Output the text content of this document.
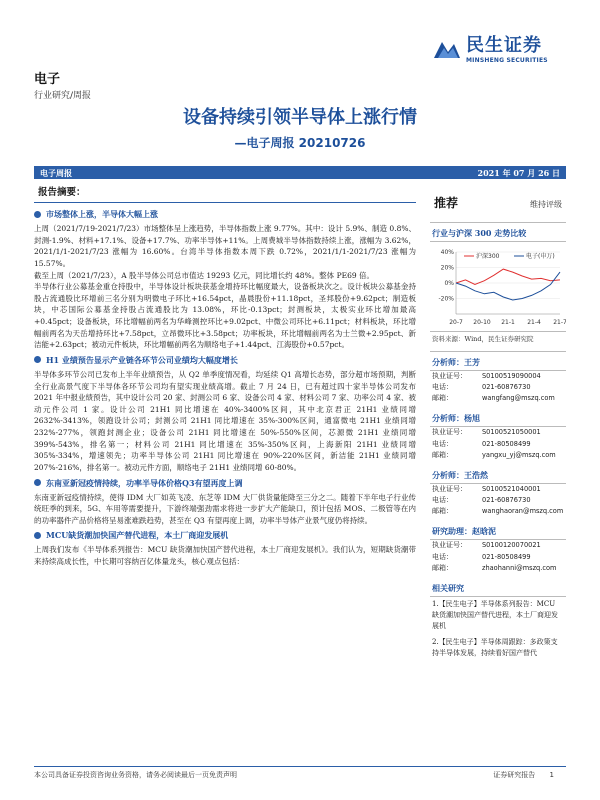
民生证券
MINSHENG SECURITIES
电子
行业研究/周报
设备持续引领半导体上涨行情
—电子周报 20210726
电子周报	2021 年 07 月 26 日
报告摘要：
市场整体上涨，半导体大幅上涨

上周（2021/7/19-2021/7/23）市场整体呈上涨趋势，半导体指数上涨 9.77%。其中：设计 5.9%、制造 0.8%、封测-1.9%、材料+17.1%、设备+17.7%、功率半导体+11%。上周费城半导体指数持续上涨，涨幅为 3.62%，2021/1/1-2021/7/23 涨幅为 16.60%。台湾半导体指数本周下跌 0.72%，2021/1/1-2021/7/23 涨幅为 15.57%。

截至上周（2021/7/23），A 股半导体公司总市值达 19293 亿元，同比增长约 48%。整体 PE69 倍。

半导体行业公募基金重仓持股中，半导体设计板块获基金增持环比幅度最大，设备板块次之。设计板块公募基金持股占流通股比环增前三名分别为明微电子环比+16.54pct，晶晨股份+11.18pct，圣邦股份+9.62pct；制造板块，中芯国际公募基金持股占流通股比为 13.08%，环比-0.13pct；封测板块，太极实业环比增加最高+0.45pct；设备板块，环比增幅前两名为华峰测控环比+9.02pct、中微公司环比+6.11pct；材料板块，环比增幅前两名为天岳增持环比+7.58pct，立昂微环比+3.58pct；功率板块，环比增幅前两名为士兰微+2.95pct、新洁能+2.63pct；被动元件板块，环比增幅前两名为顺络电子+1.44pct、江海股份+0.57pct。

H1 业绩预告显示产业链各环节公司业绩均大幅度增长

半导体多环节公司已发布上半年业绩预告，从 Q2 单季度情况看，均延续 Q1 高增长态势，部分超市场预期，判断全行业高景气度下半导体各环节公司均有望实现业绩高增。截止 7 月 24 日，已有超过四十家半导体公司发布 2021 年中报业绩预告，其中设计公司 20 家、封测公司 6 家、设备公司 4 家、材料公司 7 家、功率公司 4 家、被动元件公司 1 家。设计公司 21H1 同比增速在 40%-3400%区间，其中北京君正 21H1 业绩同增 2632%-3413%，领跑设计公司；封测公司 21H1 同比增速在 35%-300%区间，通富微电 21H1 业绩同增 232%-277%，领跑封测企业；设备公司 21H1 同比增速在 50%-550%区间，芯源微 21H1 业绩同增 399%-543%，排名第一；材料公司 21H1 同比增速在 35%-350%区间，上海新阳 21H1 业绩同增 305%-334%，增速领先；功率半导体公司 21H1 同比增速在 90%-220%区间，新洁能 21H1 业绩同增 207%-216%，排名第一。被动元件方面，顺络电子 21H1 业绩同增 60-80%。

东南亚新冠疫情持续，功率半导体价格Q3有望再度上调

东南亚新冠疫情持续，使得 IDM 大厂如英飞凌、东芝等 IDM 大厂供货量能降至三分之二。随着下半年电子行业传统旺季的到来，5G、车用等需要提升，下游终端强劲需求将进一步扩大产能缺口，预计包括 MOS、二极管等在内的功率器件产品价格将呈易涨难跌趋势，甚至在 Q3 有望再度上调，功率半导体产业景气度仍将持续。

MCU缺货潮加快国产替代进程，本土厂商迎发展机

上周我们发布《半导体系列报告：MCU 缺货潮加快国产替代进程，本土厂商迎发展机》。我们认为，短期缺货潮带来持续高成长性，中长期可容纳百亿体量龙头，核心观点包括：

推荐	维持评级
行业与沪深 300 走势比较
40%
20%
0%
-20%
20-7 20-10 21-1 21-4 21-7
沪深300	电子(申万)
资料来源：Wind，民生证券研究院
分析师：王芳
执业证号：	S0100519090004
电话：	021-60876730
邮箱：	wangfang@mszq.com
分析师：杨旭
执业证号：	S0100521050001
电话：	021-80508499
邮箱：	yangxu_yj@mszq.com
分析师：王浩然
执业证号：	S0100521040001
电话：	021-60876730
邮箱：	wanghaoran@mszq.com
研究助理：赵晗泥
执业证号：	S0100120070021
电话：	021-80508499
邮箱：	zhaohanni@mszq.com
相关研究
1.【民生电子】半导体系列报告：MCU 缺货潮加快国产替代进程，本土厂商迎发展机
2.【民生电子】半导体周跟踪：多政策支持半导体发展，持续看好国产替代
本公司具备证券投资咨询业务资格，请务必阅读最后一页免责声明	证券研究报告 1
